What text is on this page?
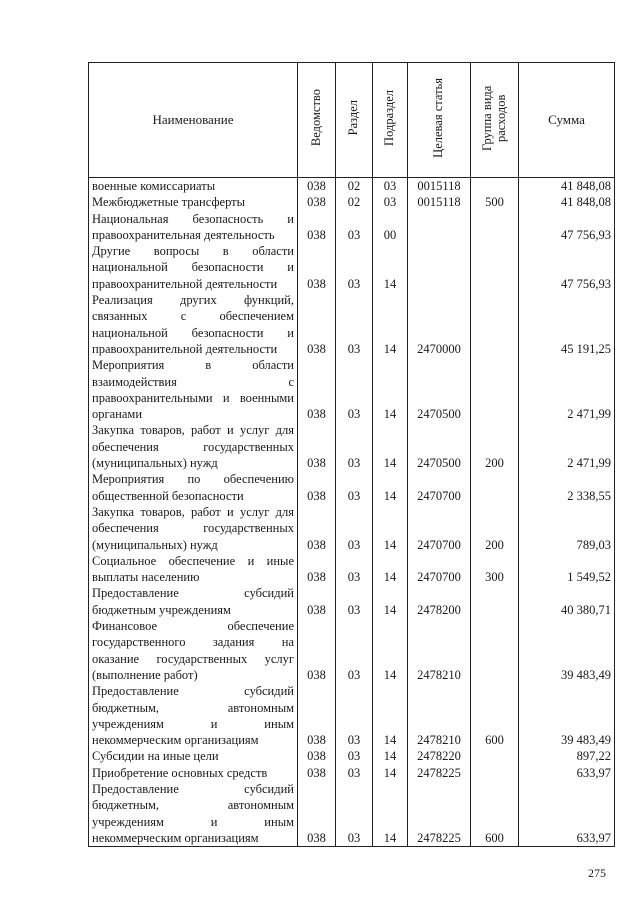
Наименование	Ведомство	Раздел	Подраздел	Целевая статья	Группа вида расходов	Сумма
военные комиссариаты	038	02	03	0015118		41 848,08
Межбюджетные трансферты	038	02	03	0015118	500	41 848,08
Национальная безопасность и правоохранительная деятельность	038	03	00			47 756,93
Другие вопросы в области национальной безопасности и правоохранительной деятельности	038	03	14			47 756,93
Реализация других функций, связанных с обеспечением национальной безопасности и правоохранительной деятельности	038	03	14	2470000		45 191,25
Мероприятия в области взаимодействия с правоохранительными и военными органами	038	03	14	2470500		2 471,99
Закупка товаров, работ и услуг для обеспечения государственных (муниципальных) нужд	038	03	14	2470500	200	2 471,99
Мероприятия по обеспечению общественной безопасности	038	03	14	2470700		2 338,55
Закупка товаров, работ и услуг для обеспечения государственных (муниципальных) нужд	038	03	14	2470700	200	789,03
Социальное обеспечение и иные выплаты населению	038	03	14	2470700	300	1 549,52
Предоставление субсидий бюджетным учреждениям	038	03	14	2478200		40 380,71
Финансовое обеспечение государственного задания на оказание государственных услуг (выполнение работ)	038	03	14	2478210		39 483,49
Предоставление субсидий бюджетным, автономным учреждениям и иным некоммерческим организациям	038	03	14	2478210	600	39 483,49
Субсидии на иные цели	038	03	14	2478220		897,22
Приобретение основных средств	038	03	14	2478225		633,97
Предоставление субсидий бюджетным, автономным учреждениям и иным некоммерческим организациям	038	03	14	2478225	600	633,97
275
